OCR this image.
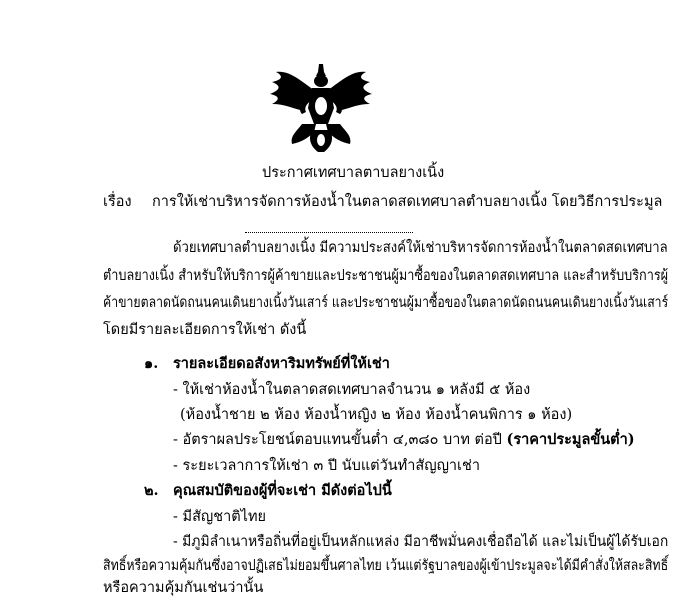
ประกาศเทศบาลตาบลยางเนิ้ง
เรื่อง การให้เช่าบริหารจัดการห้องน้ำในตลาดสดเทศบาลตำบลยางเนิ้ง โดยวิธีการประมูล
ด้วยเทศบาลตำบลยางเนิ้ง มีความประสงค์ให้เช่าบริหารจัดการห้องน้ำในตลาดสดเทศบาล
ตำบลยางเนิ้ง สำหรับให้บริการผู้ค้าขายและประชาชนผู้มาซื้อของในตลาดสดเทศบาล และสำหรับบริการผู้
ค้าขายตลาดนัดถนนคนเดินยางเนิ้งวันเสาร์ และประชาชนผู้มาซื้อของในตลาดนัดถนนคนเดินยางเนิ้งวันเสาร์
โดยมีรายละเอียดการให้เช่า ดังนี้
๑. รายละเอียดอสังหาริมทรัพย์ที่ให้เช่า
- ให้เช่าห้องน้ำในตลาดสดเทศบาลจำนวน ๑ หลังมี ๕ ห้อง
(ห้องน้ำชาย ๒ ห้อง ห้องน้ำหญิง ๒ ห้อง ห้องน้ำคนพิการ ๑ ห้อง)
- อัตราผลประโยชน์ตอบแทนขั้นต่ำ ๔,๓๘๐ บาท ต่อปี (ราคาประมูลขั้นต่ำ)
- ระยะเวลาการให้เช่า ๓ ปี นับแต่วันทำสัญญาเช่า
๒. คุณสมบัติของผู้ที่จะเช่า มีดังต่อไปนี้
- มีสัญชาติไทย
- มีภูมิลำเนาหรือถิ่นที่อยู่เป็นหลักแหล่ง มีอาชีพมั่นคงเชื่อถือได้ และไม่เป็นผู้ได้รับเอก
สิทธิ์หรือความคุ้มกันซึ่งอาจปฏิเสธไม่ยอมขึ้นศาลไทย เว้นแต่รัฐบาลของผู้เข้าประมูลจะได้มีคำสั่งให้สละสิทธิ์
หรือความคุ้มกันเช่นว่านั้น
